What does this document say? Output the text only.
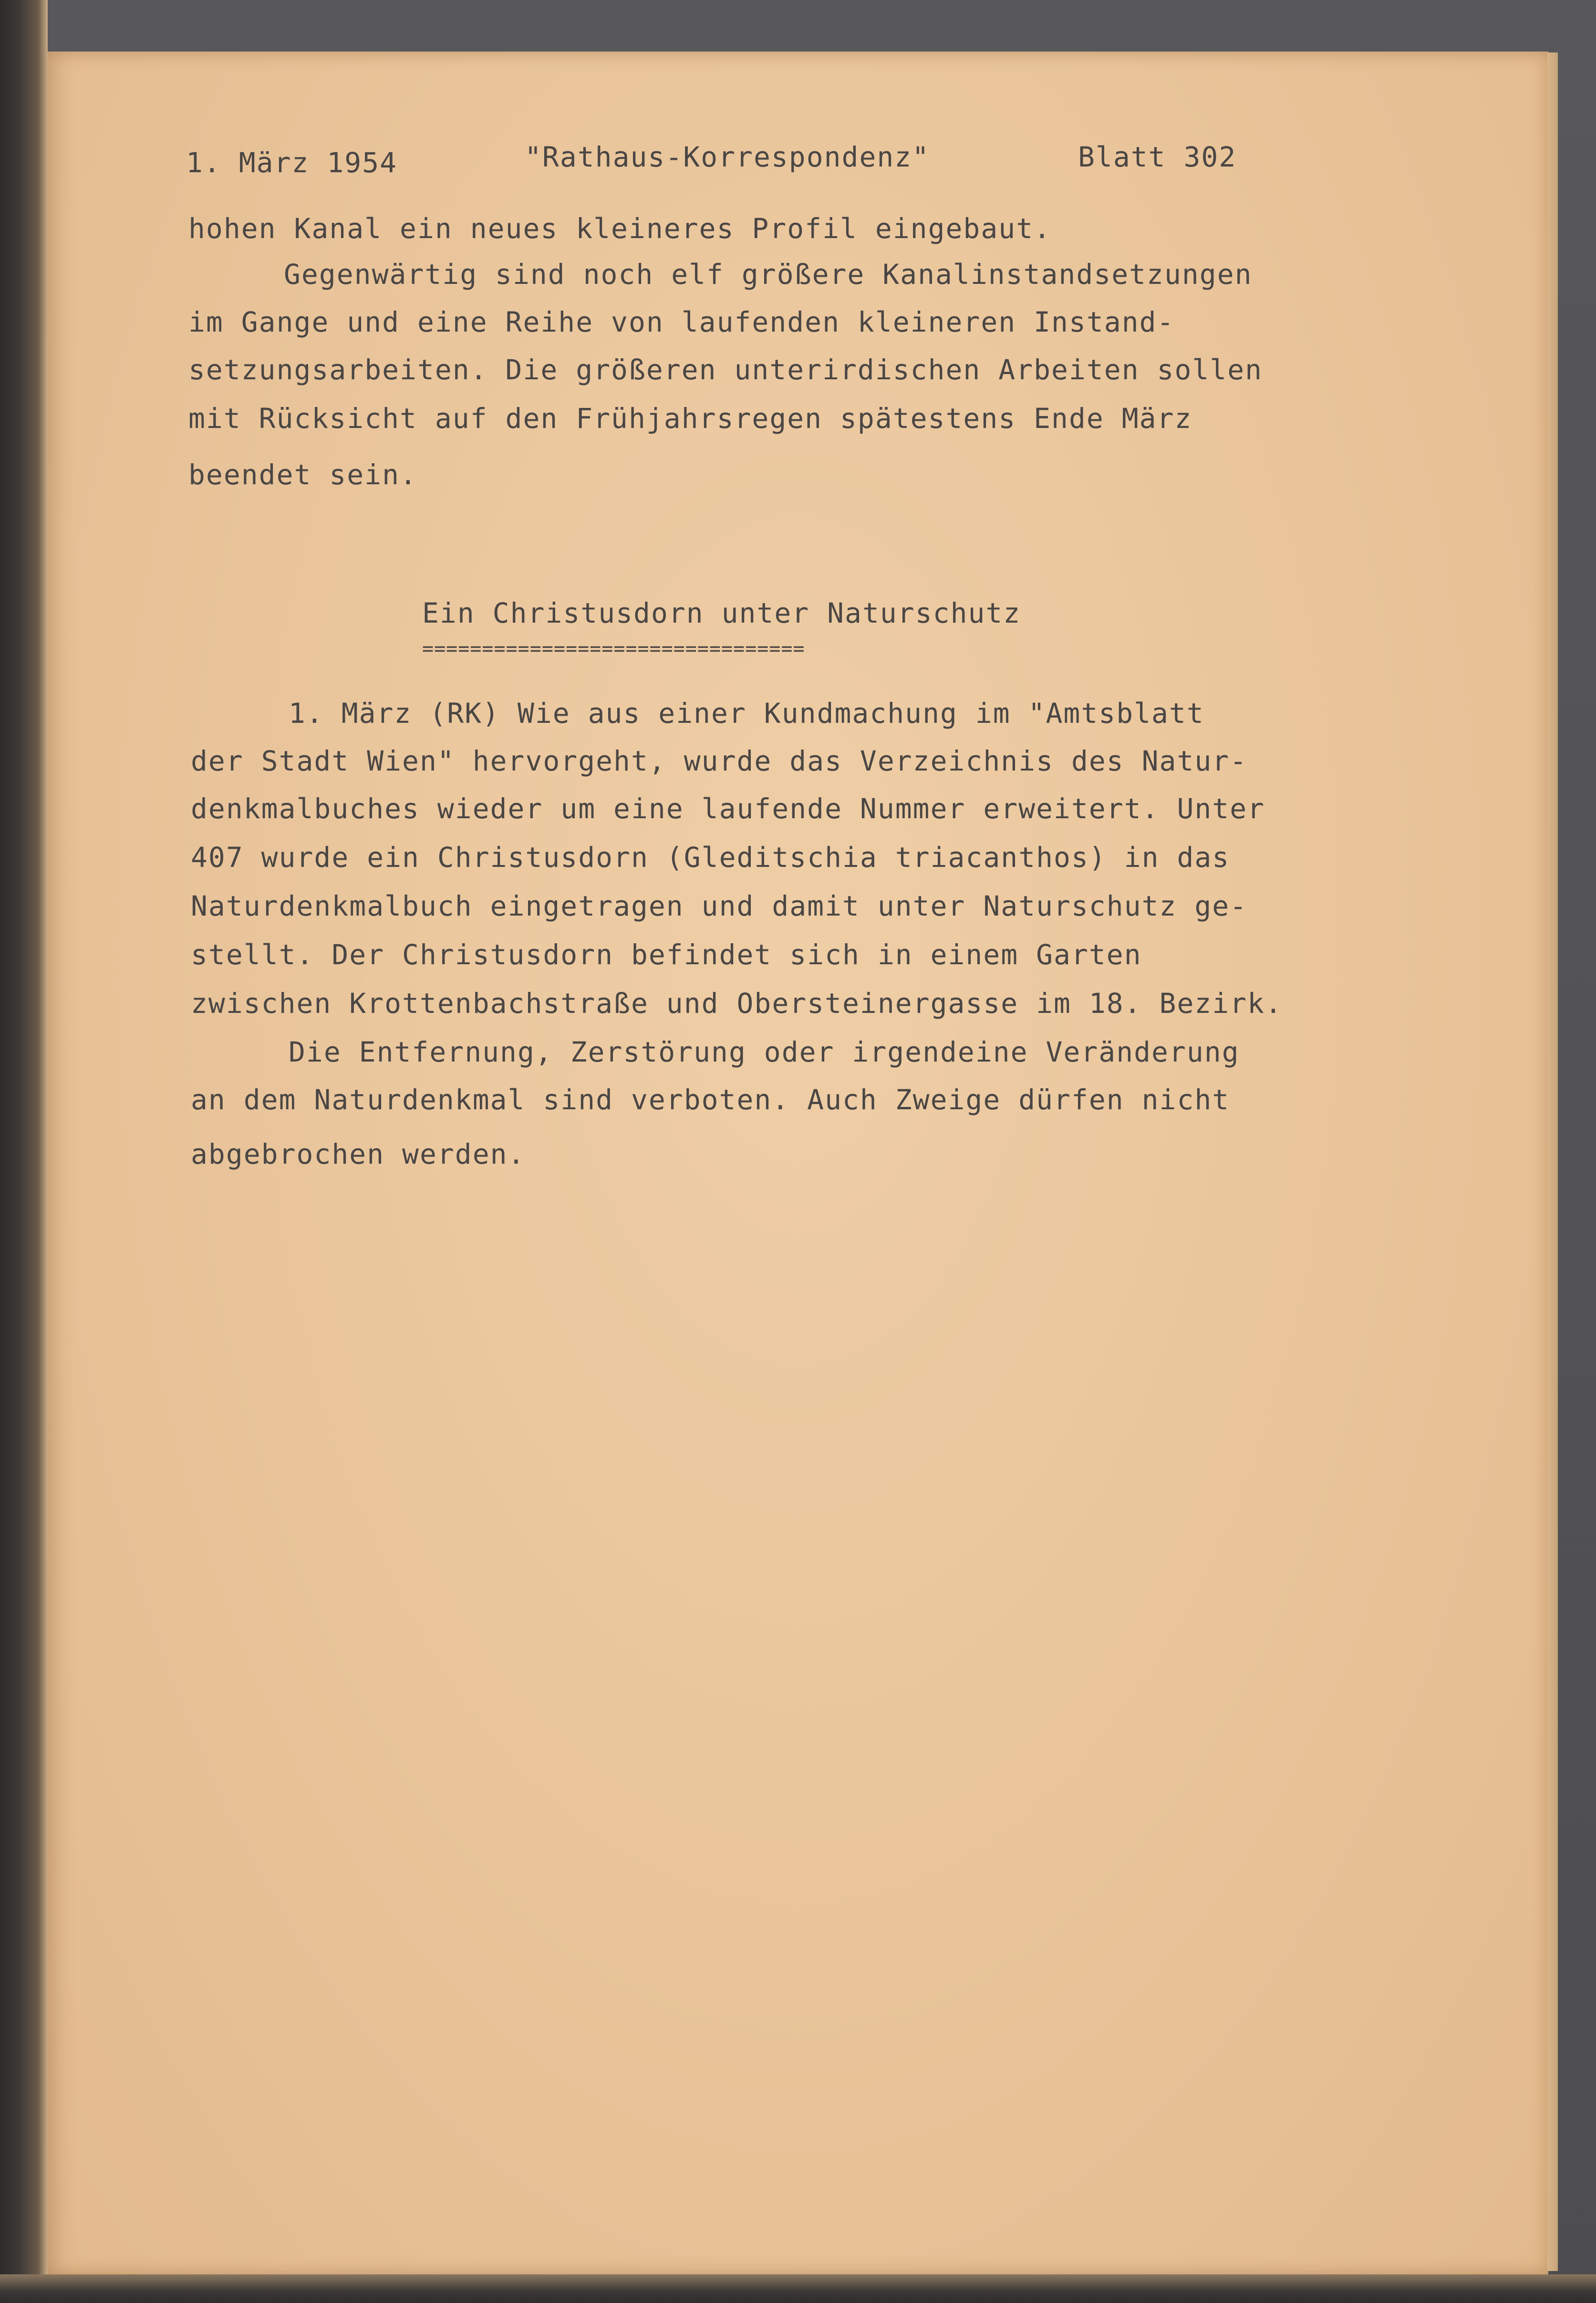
1. März 1954	"Rathaus-Korrespondenz"	Blatt 302
hohen Kanal ein neues kleineres Profil eingebaut.
Gegenwärtig sind noch elf größere Kanalinstandsetzungen
im Gange und eine Reihe von laufenden kleineren Instand-
setzungsarbeiten. Die größeren unterirdischen Arbeiten sollen
mit Rücksicht auf den Frühjahrsregen spätestens Ende März
beendet sein.
Ein Christusdorn unter Naturschutz
================================
1. März (RK) Wie aus einer Kundmachung im "Amtsblatt
der Stadt Wien" hervorgeht, wurde das Verzeichnis des Natur-
denkmalbuches wieder um eine laufende Nummer erweitert. Unter
407 wurde ein Christusdorn (Gleditschia triacanthos) in das
Naturdenkmalbuch eingetragen und damit unter Naturschutz ge-
stellt. Der Christusdorn befindet sich in einem Garten
zwischen Krottenbachstraße und Obersteinergasse im 18. Bezirk.
Die Entfernung, Zerstörung oder irgendeine Veränderung
an dem Naturdenkmal sind verboten. Auch Zweige dürfen nicht
abgebrochen werden.
